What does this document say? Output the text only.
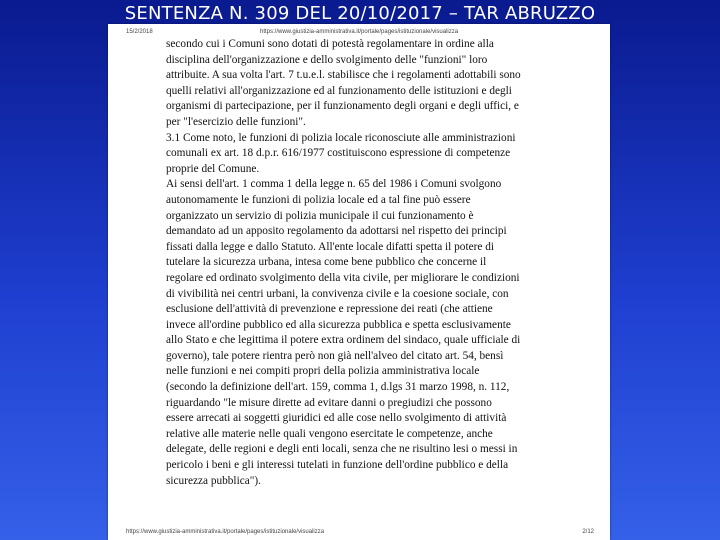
SENTENZA N. 309 DEL 20/10/2017 – TAR ABRUZZO
15/2/2018	https://www.giustizia-amministrativa.it/portale/pages/istituzionale/visualizza
secondo cui i Comuni sono dotati di potestà regolamentare in ordine alla
disciplina dell'organizzazione e dello svolgimento delle "funzioni" loro
attribuite. A sua volta l'art. 7 t.u.e.l. stabilisce che i regolamenti adottabili sono
quelli relativi all'organizzazione ed al funzionamento delle istituzioni e degli
organismi di partecipazione, per il funzionamento degli organi e degli uffici, e
per "l'esercizio delle funzioni".
3.1 Come noto, le funzioni di polizia locale riconosciute alle amministrazioni
comunali ex art. 18 d.p.r. 616/1977 costituiscono espressione di competenze
proprie del Comune.
Ai sensi dell'art. 1 comma 1 della legge n. 65 del 1986 i Comuni svolgono
autonomamente le funzioni di polizia locale ed a tal fine può essere
organizzato un servizio di polizia municipale il cui funzionamento è
demandato ad un apposito regolamento da adottarsi nel rispetto dei principi
fissati dalla legge e dallo Statuto. All'ente locale difatti spetta il potere di
tutelare la sicurezza urbana, intesa come bene pubblico che concerne il
regolare ed ordinato svolgimento della vita civile, per migliorare le condizioni
di vivibilità nei centri urbani, la convivenza civile e la coesione sociale, con
esclusione dell'attività di prevenzione e repressione dei reati (che attiene
invece all'ordine pubblico ed alla sicurezza pubblica e spetta esclusivamente
allo Stato e che legittima il potere extra ordinem del sindaco, quale ufficiale di
governo), tale potere rientra però non già nell'alveo del citato art. 54, bensì
nelle funzioni e nei compiti propri della polizia amministrativa locale
(secondo la definizione dell'art. 159, comma 1, d.lgs 31 marzo 1998, n. 112,
riguardando "le misure dirette ad evitare danni o pregiudizi che possono
essere arrecati ai soggetti giuridici ed alle cose nello svolgimento di attività
relative alle materie nelle quali vengono esercitate le competenze, anche
delegate, delle regioni e degli enti locali, senza che ne risultino lesi o messi in
pericolo i beni e gli interessi tutelati in funzione dell'ordine pubblico e della
sicurezza pubblica").
https://www.giustizia-amministrativa.it/portale/pages/istituzionale/visualizza	2/12
